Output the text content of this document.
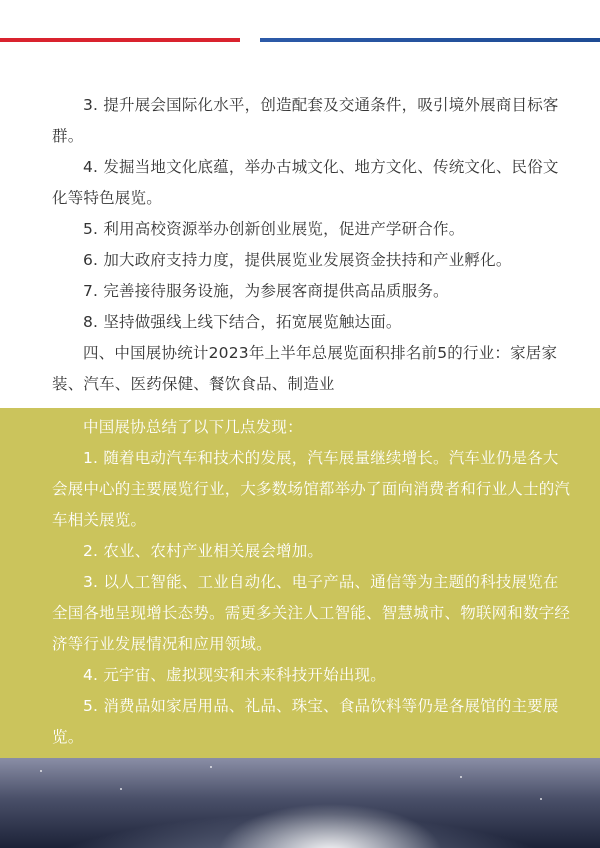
3. 提升展会国际化水平，创造配套及交通条件，吸引境外展商目标客群。

4. 发掘当地文化底蕴，举办古城文化、地方文化、传统文化、民俗文化等特色展览。

5. 利用高校资源举办创新创业展览，促进产学研合作。

6. 加大政府支持力度，提供展览业发展资金扶持和产业孵化。

7. 完善接待服务设施，为参展客商提供高品质服务。

8. 坚持做强线上线下结合，拓宽展览触达面。

四、中国展协统计2023年上半年总展览面积排名前5的行业：家居家装、汽车、医药保健、餐饮食品、制造业

中国展协总结了以下几点发现：

1. 随着电动汽车和技术的发展，汽车展量继续增长。汽车业仍是各大会展中心的主要展览行业，大多数场馆都举办了面向消费者和行业人士的汽车相关展览。

2. 农业、农村产业相关展会增加。

3. 以人工智能、工业自动化、电子产品、通信等为主题的科技展览在全国各地呈现增长态势。需更多关注人工智能、智慧城市、物联网和数字经济等行业发展情况和应用领域。

4. 元宇宙、虚拟现实和未来科技开始出现。

5. 消费品如家居用品、礼品、珠宝、食品饮料等仍是各展馆的主要展览。
